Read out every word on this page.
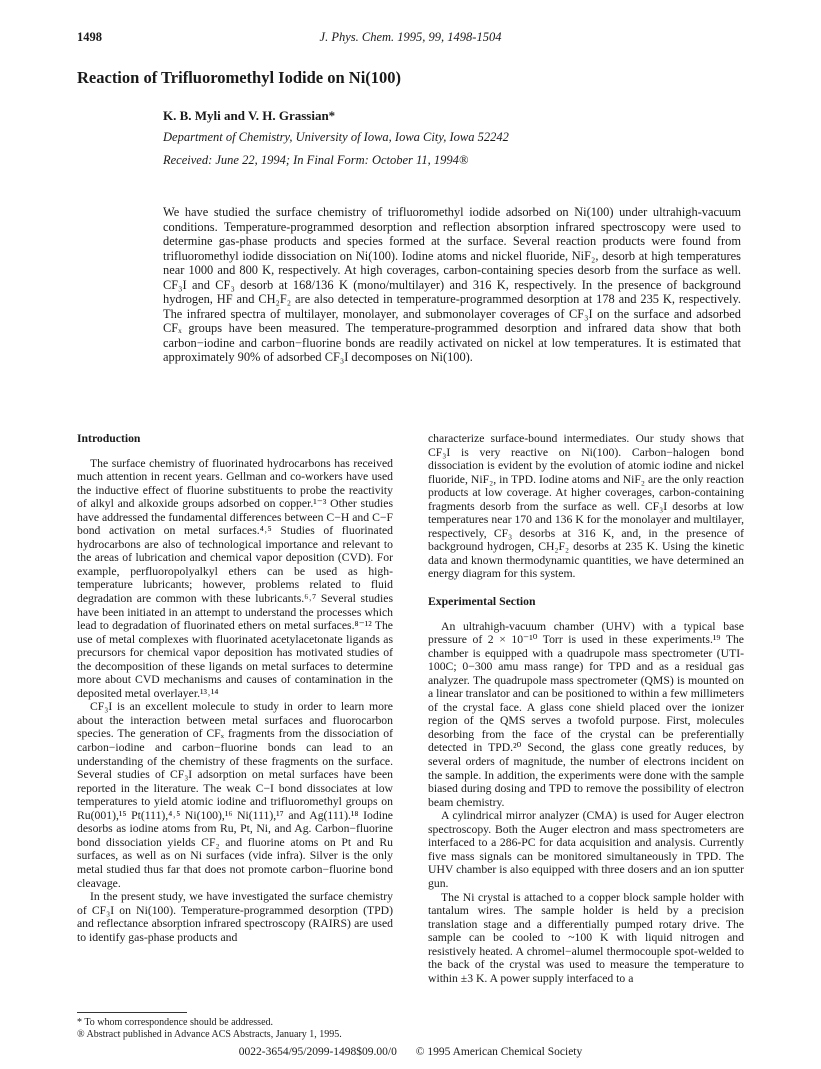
1498	J. Phys. Chem. 1995, 99, 1498-1504
Reaction of Trifluoromethyl Iodide on Ni(100)
K. B. Myli and V. H. Grassian*
Department of Chemistry, University of Iowa, Iowa City, Iowa 52242
Received: June 22, 1994; In Final Form: October 11, 1994®

We have studied the surface chemistry of trifluoromethyl iodide adsorbed on Ni(100) under ultrahigh-vacuum conditions. Temperature-programmed desorption and reflection absorption infrared spectroscopy were used to determine gas-phase products and species formed at the surface. Several reaction products were found from trifluoromethyl iodide dissociation on Ni(100). Iodine atoms and nickel fluoride, NiF₂, desorb at high temperatures near 1000 and 800 K, respectively. At high coverages, carbon-containing species desorb from the surface as well. CF₃I and CF₃ desorb at 168/136 K (mono/multilayer) and 316 K, respectively. In the presence of background hydrogen, HF and CH₂F₂ are also detected in temperature-programmed desorption at 178 and 235 K, respectively. The infrared spectra of multilayer, monolayer, and submonolayer coverages of CF₃I on the surface and adsorbed CFₓ groups have been measured. The temperature-programmed desorption and infrared data show that both carbon−iodine and carbon−fluorine bonds are readily activated on nickel at low temperatures. It is estimated that approximately 90% of adsorbed CF₃I decomposes on Ni(100).

Introduction

The surface chemistry of fluorinated hydrocarbons has received much attention in recent years. Gellman and co-workers have used the inductive effect of fluorine substituents to probe the reactivity of alkyl and alkoxide groups adsorbed on copper.¹⁻³ Other studies have addressed the fundamental differences between C−H and C−F bond activation on metal surfaces.⁴˒⁵ Studies of fluorinated hydrocarbons are also of technological importance and relevant to the areas of lubrication and chemical vapor deposition (CVD). For example, perfluoropolyalkyl ethers can be used as high-temperature lubricants; however, problems related to fluid degradation are common with these lubricants.⁶˒⁷ Several studies have been initiated in an attempt to understand the processes which lead to degradation of fluorinated ethers on metal surfaces.⁸⁻¹² The use of metal complexes with fluorinated acetylacetonate ligands as precursors for chemical vapor deposition has motivated studies of the decomposition of these ligands on metal surfaces to determine more about CVD mechanisms and causes of contamination in the deposited metal overlayer.¹³˒¹⁴

CF₃I is an excellent molecule to study in order to learn more about the interaction between metal surfaces and fluorocarbon species. The generation of CFₓ fragments from the dissociation of carbon−iodine and carbon−fluorine bonds can lead to an understanding of the chemistry of these fragments on the surface. Several studies of CF₃I adsorption on metal surfaces have been reported in the literature. The weak C−I bond dissociates at low temperatures to yield atomic iodine and trifluoromethyl groups on Ru(001),¹⁵ Pt(111),⁴˒⁵ Ni(100),¹⁶ Ni(111),¹⁷ and Ag(111).¹⁸ Iodine desorbs as iodine atoms from Ru, Pt, Ni, and Ag. Carbon−fluorine bond dissociation yields CF₂ and fluorine atoms on Pt and Ru surfaces, as well as on Ni surfaces (vide infra). Silver is the only metal studied thus far that does not promote carbon−fluorine bond cleavage.

In the present study, we have investigated the surface chemistry of CF₃I on Ni(100). Temperature-programmed desorption (TPD) and reflectance absorption infrared spectroscopy (RAIRS) are used to identify gas-phase products and

characterize surface-bound intermediates. Our study shows that CF₃I is very reactive on Ni(100). Carbon−halogen bond dissociation is evident by the evolution of atomic iodine and nickel fluoride, NiF₂, in TPD. Iodine atoms and NiF₂ are the only reaction products at low coverage. At higher coverages, carbon-containing fragments desorb from the surface as well. CF₃I desorbs at low temperatures near 170 and 136 K for the monolayer and multilayer, respectively, CF₃ desorbs at 316 K, and, in the presence of background hydrogen, CH₂F₂ desorbs at 235 K. Using the kinetic data and known thermodynamic quantities, we have determined an energy diagram for this system.

Experimental Section

An ultrahigh-vacuum chamber (UHV) with a typical base pressure of 2 × 10⁻¹⁰ Torr is used in these experiments.¹⁹ The chamber is equipped with a quadrupole mass spectrometer (UTI-100C; 0−300 amu mass range) for TPD and as a residual gas analyzer. The quadrupole mass spectrometer (QMS) is mounted on a linear translator and can be positioned to within a few millimeters of the crystal face. A glass cone shield placed over the ionizer region of the QMS serves a twofold purpose. First, molecules desorbing from the face of the crystal can be preferentially detected in TPD.²⁰ Second, the glass cone greatly reduces, by several orders of magnitude, the number of electrons incident on the sample. In addition, the experiments were done with the sample biased during dosing and TPD to remove the possibility of electron beam chemistry.

A cylindrical mirror analyzer (CMA) is used for Auger electron spectroscopy. Both the Auger electron and mass spectrometers are interfaced to a 286-PC for data acquisition and analysis. Currently five mass signals can be monitored simultaneously in TPD. The UHV chamber is also equipped with three dosers and an ion sputter gun.

The Ni crystal is attached to a copper block sample holder with tantalum wires. The sample holder is held by a precision translation stage and a differentially pumped rotary drive. The sample can be cooled to ~100 K with liquid nitrogen and resistively heated. A chromel−alumel thermocouple spot-welded to the back of the crystal was used to measure the temperature to within ±3 K. A power supply interfaced to a

* To whom correspondence should be addressed.
® Abstract published in Advance ACS Abstracts, January 1, 1995.
0022-3654/95/2099-1498$09.00/0 © 1995 American Chemical Society
